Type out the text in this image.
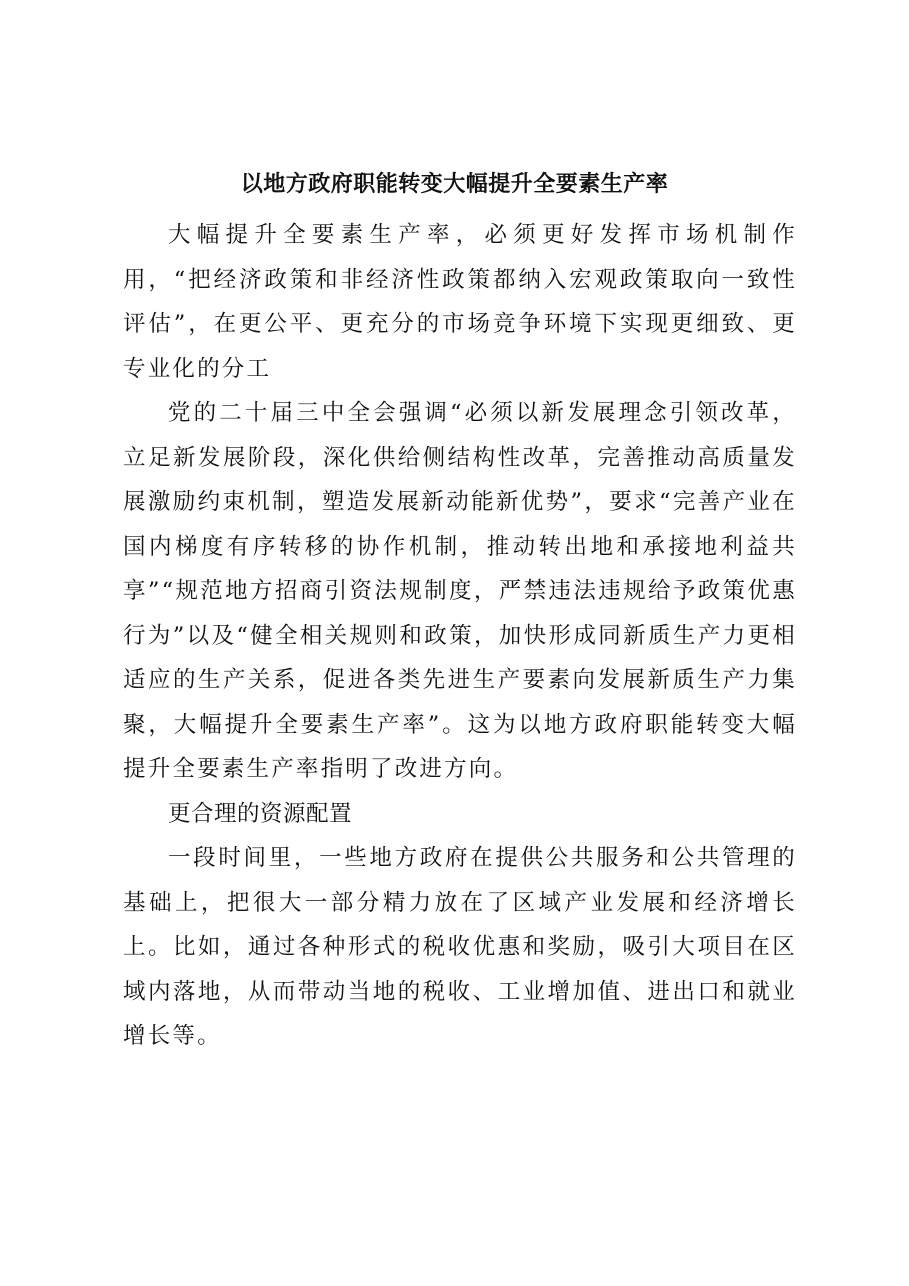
以地方政府职能转变大幅提升全要素生产率

大幅提升全要素生产率，必须更好发挥市场机制作用，“把经济政策和非经济性政策都纳入宏观政策取向一致性评估”，在更公平、更充分的市场竞争环境下实现更细致、更专业化的分工

党的二十届三中全会强调“必须以新发展理念引领改革，立足新发展阶段，深化供给侧结构性改革，完善推动高质量发展激励约束机制，塑造发展新动能新优势”，要求“完善产业在国内梯度有序转移的协作机制，推动转出地和承接地利益共享”“规范地方招商引资法规制度，严禁违法违规给予政策优惠行为”以及“健全相关规则和政策，加快形成同新质生产力更相适应的生产关系，促进各类先进生产要素向发展新质生产力集聚，大幅提升全要素生产率”。这为以地方政府职能转变大幅提升全要素生产率指明了改进方向。

更合理的资源配置

一段时间里，一些地方政府在提供公共服务和公共管理的基础上，把很大一部分精力放在了区域产业发展和经济增长上。比如，通过各种形式的税收优惠和奖励，吸引大项目在区域内落地，从而带动当地的税收、工业增加值、进出口和就业增长等。
